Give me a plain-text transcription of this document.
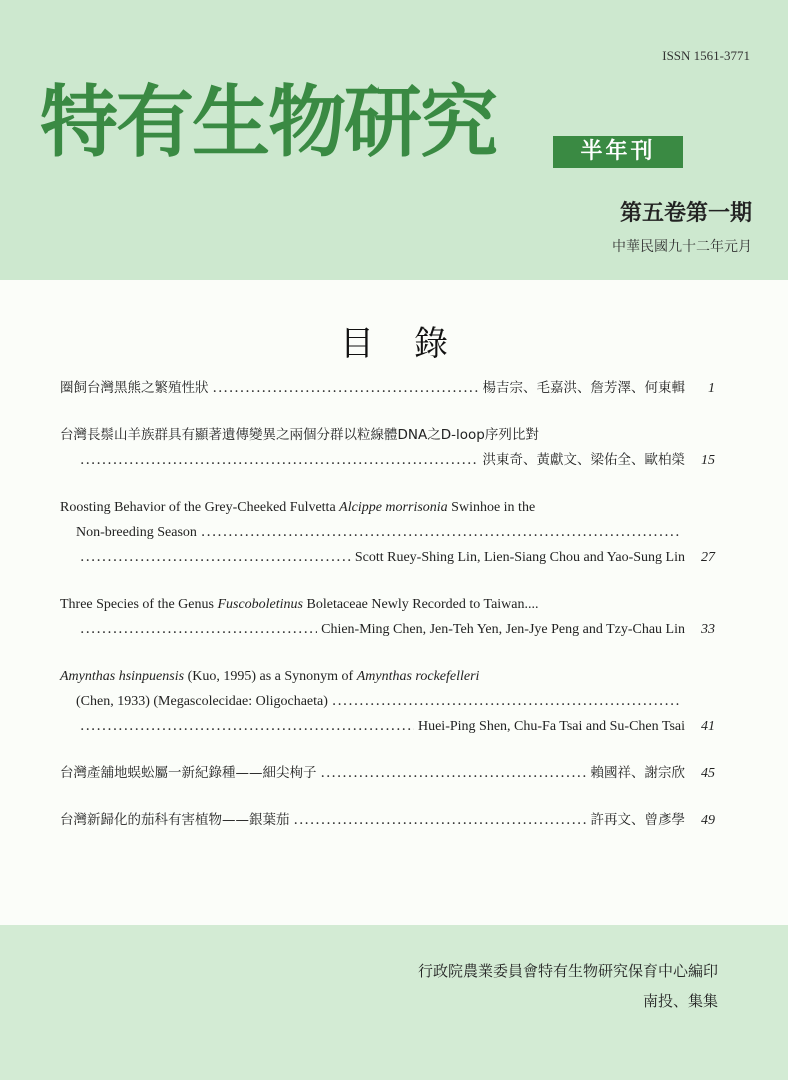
ISSN 1561-3771
特有生物研究	半年刊
第五卷第一期
中華民國九十二年元月
目錄
圈飼台灣黑熊之繁殖性狀 .....	楊吉宗、毛嘉洪、詹芳澤、何東輯	1
台灣長鬃山羊族群具有顯著遺傳變異之兩個分群以粒線體DNA之D-loop序列比對
.....
洪東奇、黃獻文、梁佑全、歐柏榮	15
Roosting Behavior of the Grey-Cheeked Fulvetta Alcippe morrisonia Swinhoe in the
Non-breeding Season
.....
.....
Scott Ruey-Shing Lin, Lien-Siang Chou and Yao-Sung Lin	27
Three Species of the Genus Fuscoboletinus Boletaceae Newly Recorded to Taiwan....
.....
Chien-Ming Chen, Jen-Teh Yen, Jen-Jye Peng and Tzy-Chau Lin	33
Amynthas hsinpuensis (Kuo, 1995) as a Synonym of Amynthas rockefelleri
(Chen, 1933) (Megascolecidae: Oligochaeta)
.....
.....
Huei-Ping Shen, Chu-Fa Tsai and Su-Chen Tsai	41
台灣產舖地蜈蚣屬一新紀錄種——細尖栒子 .....	賴國祥、謝宗欣	45
台灣新歸化的茄科有害植物——銀葉茄 .....	許再文、曾彥學	49
行政院農業委員會特有生物研究保育中心編印
南投、集集
